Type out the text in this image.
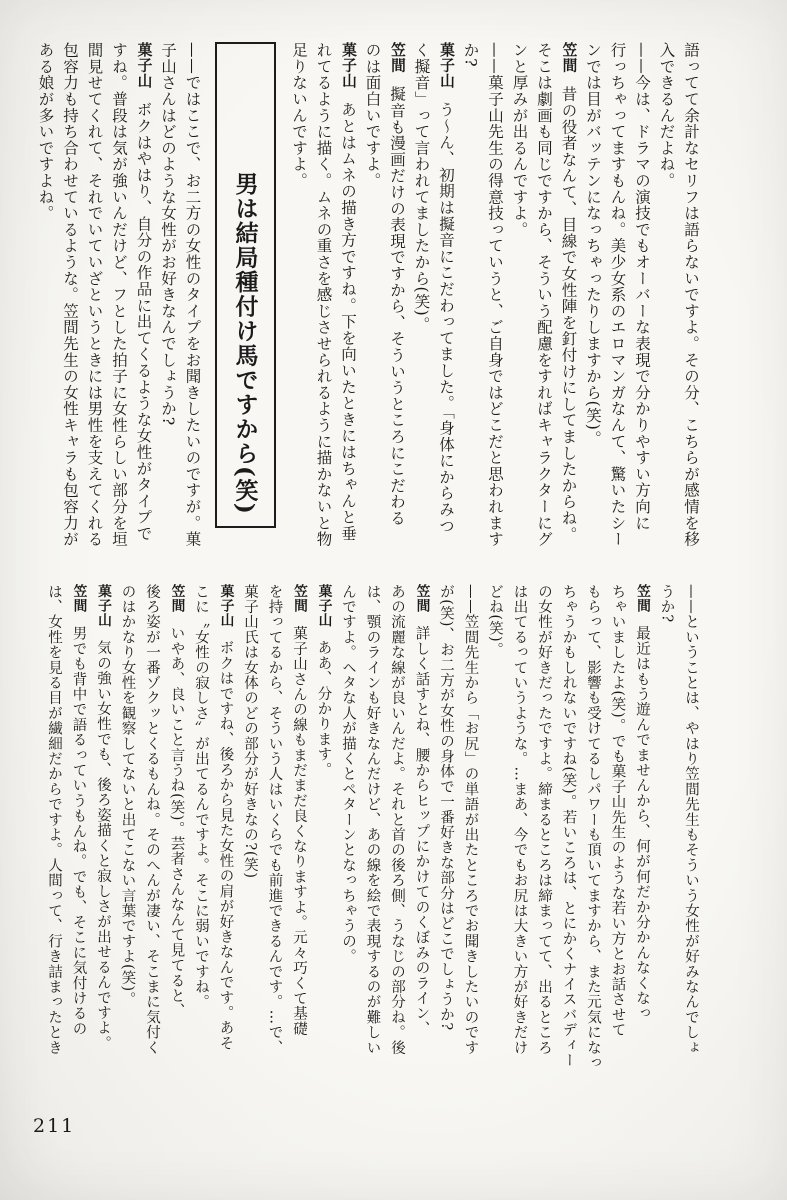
語ってて余計なセリフは語らないですよ。その分、こちらが感情を移
入できるんだよね。
——今は、ドラマの演技でもオーバーな表現で分かりやすい方向に
行っちゃってますもんね。美少女系のエロマンガなんて、驚いたシー
ンでは目がバッテンになっちゃったりしますから(笑)。
笠間昔の役者なんて、目線で女性陣を釘付けにしてましたからね。
そこは劇画も同じですから、そういう配慮をすればキャラクターにグ
ンと厚みが出るんですよ。
——菓子山先生の得意技っていうと、ご自身ではどこだと思われます
か?
菓子山う〜ん、初期は擬音にこだわってました。「身体にからみつ
く擬音」って言われてましたから(笑)。
笠間擬音も漫画だけの表現ですから、そういうところにこだわる
のは面白いですよ。
菓子山あとはムネの描き方ですね。下を向いたときにはちゃんと垂
れてるように描く。ムネの重さを感じさせられるように描かないと物
足りないんですよ。
男は結局種付け馬ですから(笑)
——ではここで、お二方の女性のタイプをお聞きしたいのですが。菓
子山さんはどのような女性がお好きなんでしょうか?
菓子山ボクはやはり、自分の作品に出てくるような女性がタイプで
すね。普段は気が強いんだけど、フとした拍子に女性らしい部分を垣
間見せてくれて、それでいていざというときには男性を支えてくれる
包容力も持ち合わせているような。笠間先生の女性キャラも包容力が
ある娘が多いですよね。
——ということは、やはり笠間先生もそういう女性が好みなんでしょ
うか?
笠間最近はもう遊んでませんから、何が何だか分かんなくなっ
ちゃいましたよ(笑)。でも菓子山先生のような若い方とお話させて
もらって、影響も受けてるしパワーも頂いてますから、また元気になっ
ちゃうかもしれないですね(笑)。若いころは、とにかくナイスバディー
の女性が好きだったですよ。締まるところは締まってて、出るところ
は出てるっていうような。…まあ、今でもお尻は大きい方が好きだけ
どね(笑)。
——笠間先生から「お尻」の単語が出たところでお聞きしたいのです
が(笑)、お二方が女性の身体で一番好きな部分はどこでしょうか?
笠間詳しく話すとね、腰からヒップにかけてのくぼみのライン、
あの流麗な線が良いんだよ。それと首の後ろ側、うなじの部分ね。後
は、顎のラインも好きなんだけど、あの線を絵で表現するのが難しい
んですよ。ヘタな人が描くとペターンとなっちゃうの。
菓子山ああ、分かります。
笠間菓子山さんの線もまだまだ良くなりますよ。元々巧くて基礎
を持ってるから、そういう人はいくらでも前進できるんです。…で、
菓子山氏は女体のどの部分が好きなの?(笑)
菓子山ボクはですね、後ろから見た女性の肩が好きなんです。あそ
こに〝女性の寂しさ〟が出てるんですよ。そこに弱いですね。
笠間いやあ、良いこと言うね(笑)。芸者さんなんて見てると、
後ろ姿が一番ゾクッとくるもんね。そのへんが凄い、そこまに気付く
のはかなり女性を観察してないと出てこない言葉ですよ(笑)。
菓子山気の強い女性でも、後ろ姿描くと寂しさが出せるんですよ。
笠間男でも背中で語るっていうもんね。でも、そこに気付けるの
は、女性を見る目が繊細だからですよ。人間って、行き詰まったとき
211
